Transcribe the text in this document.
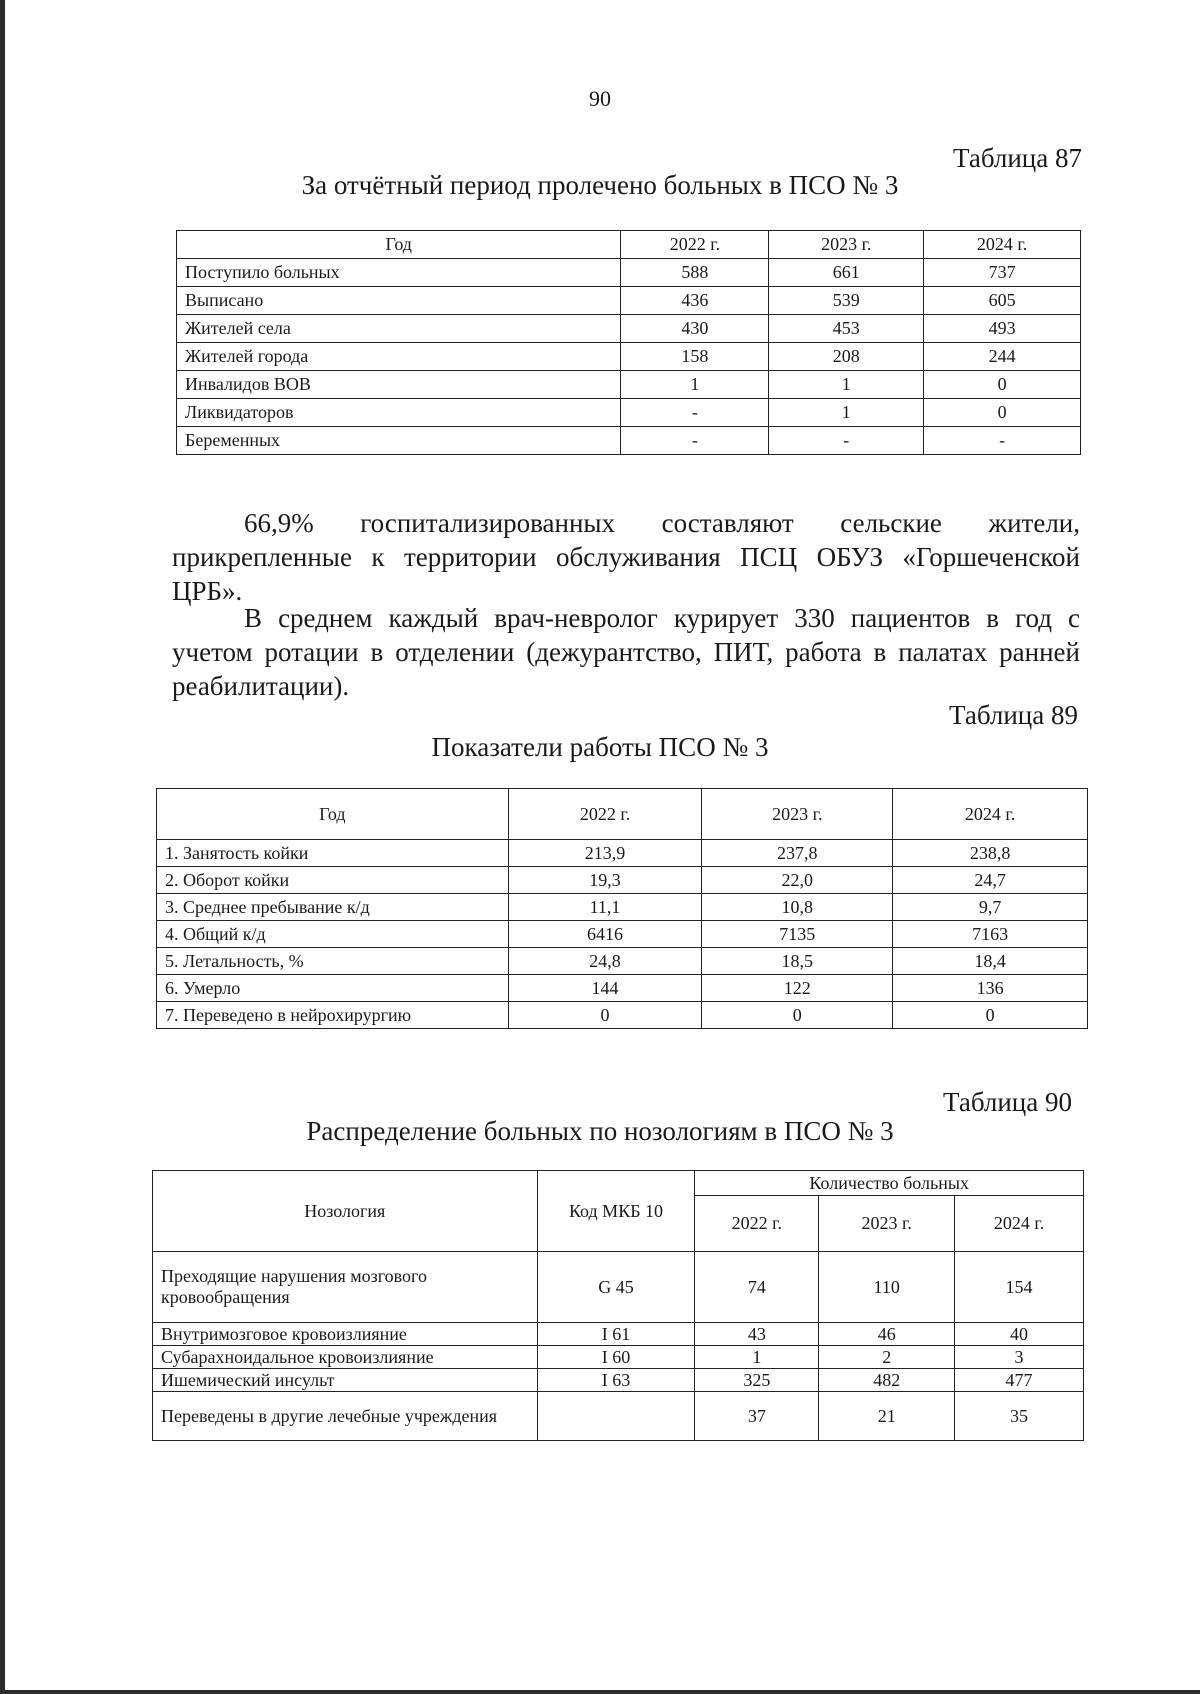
90
Таблица 87
За отчётный период пролечено больных в ПСО № 3
Год	2022 г.	2023 г.	2024 г.
Поступило больных	588	661	737
Выписано	436	539	605
Жителей села	430	453	493
Жителей города	158	208	244
Инвалидов ВОВ	1	1	0
Ликвидаторов	-	1	0
Беременных	-	-	-
66,9% госпитализированных составляют сельские жители, прикрепленные к территории обслуживания ПСЦ ОБУЗ «Горшеченской ЦРБ».
В среднем каждый врач-невролог курирует 330 пациентов в год с учетом ротации в отделении (дежурантство, ПИТ, работа в палатах ранней реабилитации).
Таблица 89
Показатели работы ПСО № 3
Год	2022 г.	2023 г.	2024 г.
1. Занятость койки	213,9	237,8	238,8
2. Оборот койки	19,3	22,0	24,7
3. Среднее пребывание к/д	11,1	10,8	9,7
4. Общий к/д	6416	7135	7163
5. Летальность, %	24,8	18,5	18,4
6. Умерло	144	122	136
7. Переведено в нейрохирургию	0	0	0
Таблица 90
Распределение больных по нозологиям в ПСО № 3
Нозология	Код МКБ 10	Количество больных		
		2022 г.	2023 г.	2024 г.
Преходящие нарушения мозгового кровообращения	G 45	74	110	154
Внутримозговое кровоизлияние	I 61	43	46	40
Субарахноидальное кровоизлияние	I 60	1	2	3
Ишемический инсульт	I 63	325	482	477
Переведены в другие лечебные учреждения		37	21	35
